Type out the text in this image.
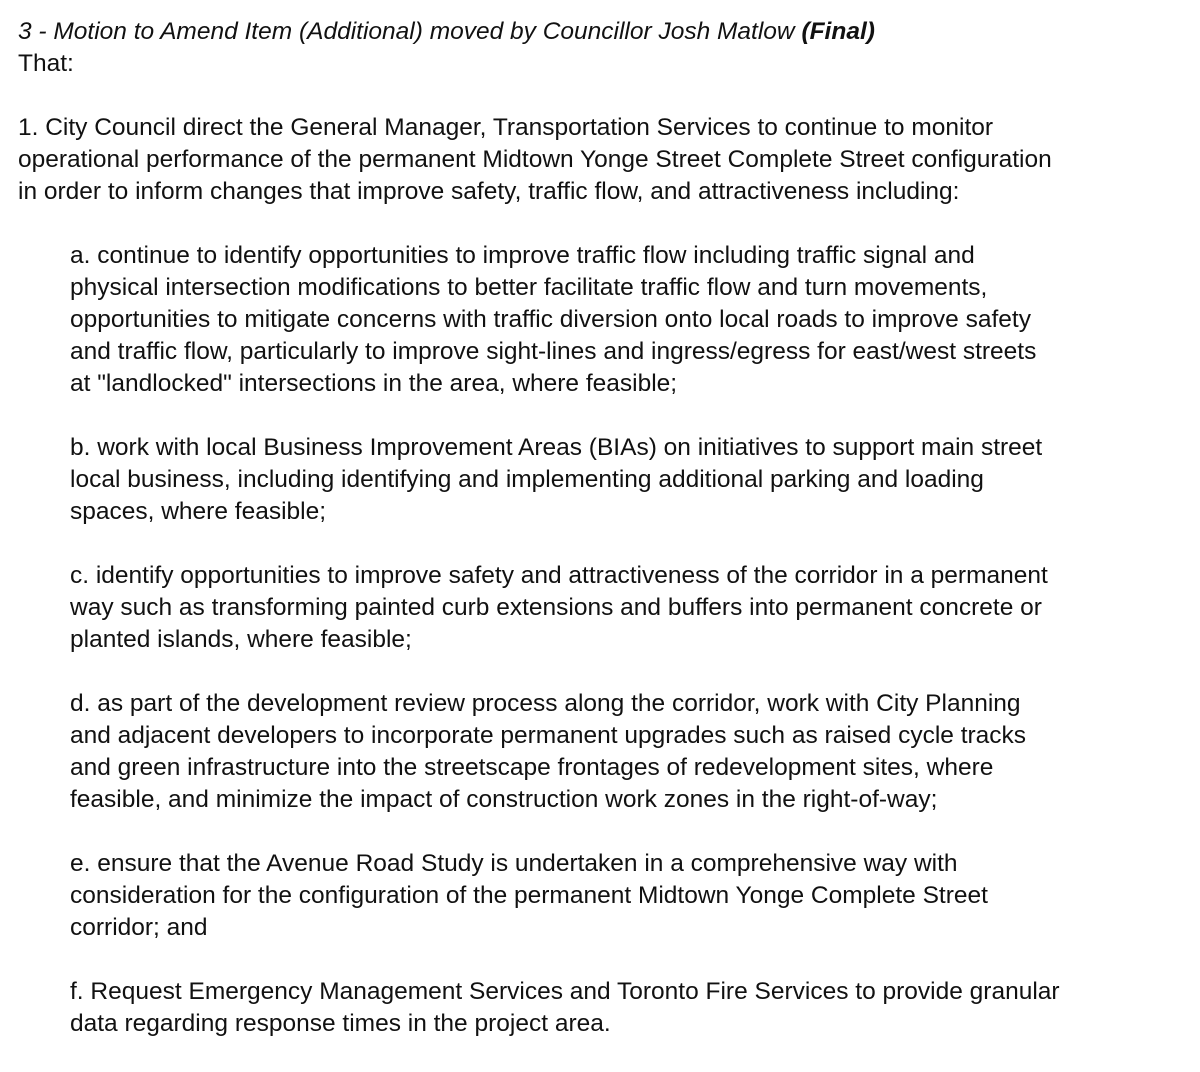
3 - Motion to Amend Item (Additional) moved by Councillor Josh Matlow (Final)

That:

1. City Council direct the General Manager, Transportation Services to continue to monitor

operational performance of the permanent Midtown Yonge Street Complete Street configuration

in order to inform changes that improve safety, traffic flow, and attractiveness including:

a. continue to identify opportunities to improve traffic flow including traffic signal and

physical intersection modifications to better facilitate traffic flow and turn movements,

opportunities to mitigate concerns with traffic diversion onto local roads to improve safety

and traffic flow, particularly to improve sight-lines and ingress/egress for east/west streets

at "landlocked" intersections in the area, where feasible;

b. work with local Business Improvement Areas (BIAs) on initiatives to support main street

local business, including identifying and implementing additional parking and loading

spaces, where feasible;

c. identify opportunities to improve safety and attractiveness of the corridor in a permanent

way such as transforming painted curb extensions and buffers into permanent concrete or

planted islands, where feasible;

d. as part of the development review process along the corridor, work with City Planning

and adjacent developers to incorporate permanent upgrades such as raised cycle tracks

and green infrastructure into the streetscape frontages of redevelopment sites, where

feasible, and minimize the impact of construction work zones in the right-of-way;

e. ensure that the Avenue Road Study is undertaken in a comprehensive way with

consideration for the configuration of the permanent Midtown Yonge Complete Street

corridor; and

f. Request Emergency Management Services and Toronto Fire Services to provide granular

data regarding response times in the project area.
